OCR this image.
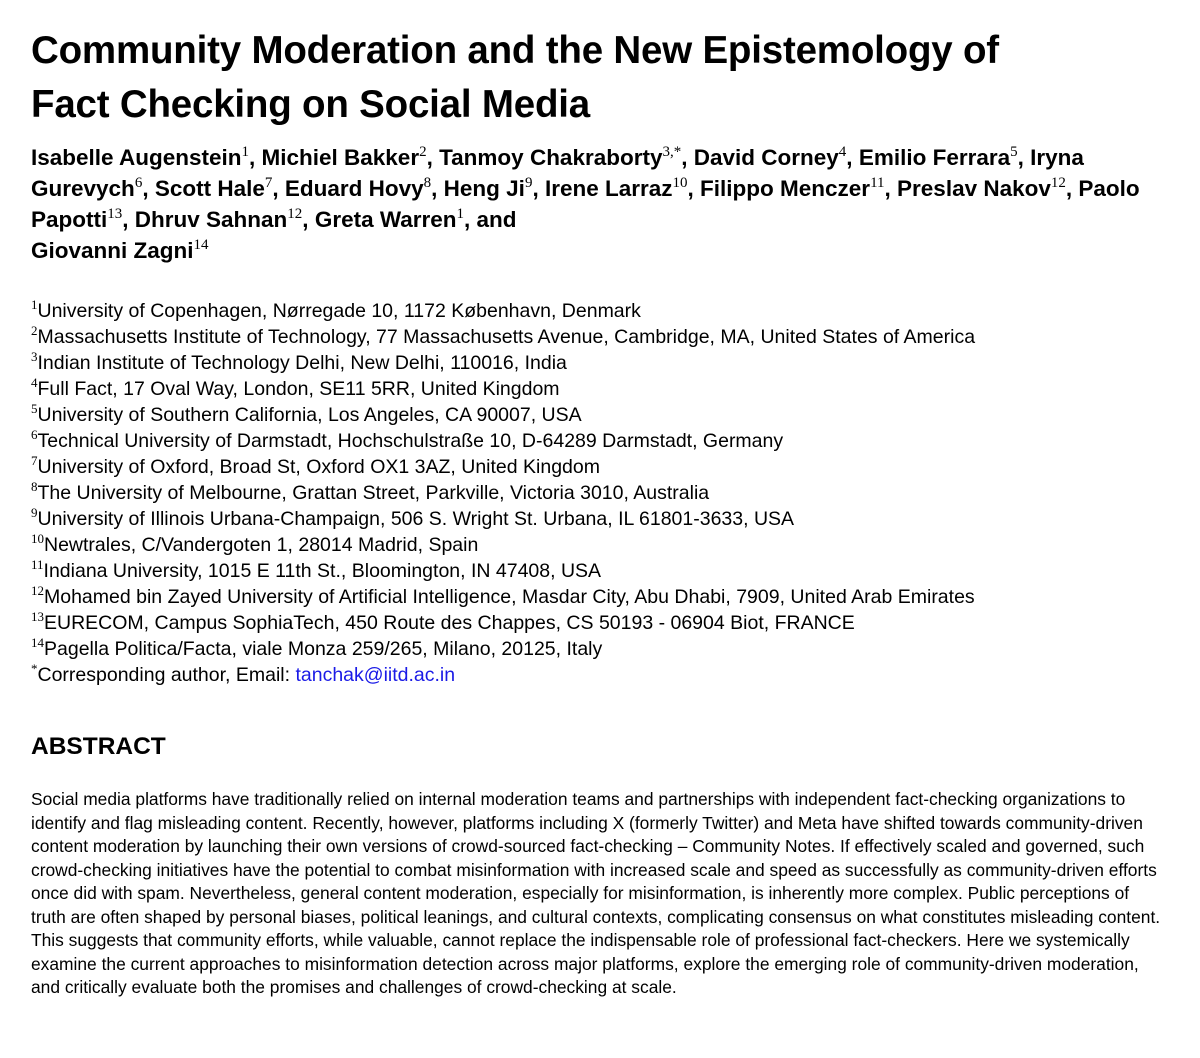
Community Moderation and the New Epistemology of
Fact Checking on Social Media
Isabelle Augenstein$^1$, Michiel Bakker$^2$, Tanmoy Chakraborty$^{3,*}$, David Corney$^4$, Emilio Ferrara$^5$, Iryna Gurevych$^6$, Scott Hale$^7$, Eduard Hovy$^8$, Heng Ji$^9$, Irene Larraz$^{10}$, Filippo Menczer$^{11}$, Preslav Nakov$^{12}$, Paolo Papotti$^{13}$, Dhruv Sahnan$^{12}$, Greta Warren$^1$, and
Giovanni Zagni$^{14}$
$^1$University of Copenhagen, Nørregade 10, 1172 København, Denmark
$^2$Massachusetts Institute of Technology, 77 Massachusetts Avenue, Cambridge, MA, United States of America
$^3$Indian Institute of Technology Delhi, New Delhi, 110016, India
$^4$Full Fact, 17 Oval Way, London, SE11 5RR, United Kingdom
$^5$University of Southern California, Los Angeles, CA 90007, USA
$^6$Technical University of Darmstadt, Hochschulstraße 10, D-64289 Darmstadt, Germany
$^7$University of Oxford, Broad St, Oxford OX1 3AZ, United Kingdom
$^8$The University of Melbourne, Grattan Street, Parkville, Victoria 3010, Australia
$^9$University of Illinois Urbana-Champaign, 506 S. Wright St. Urbana, IL 61801-3633, USA
$^{10}$Newtrales, C/Vandergoten 1, 28014 Madrid, Spain
$^{11}$Indiana University, 1015 E 11th St., Bloomington, IN 47408, USA
$^{12}$Mohamed bin Zayed University of Artificial Intelligence, Masdar City, Abu Dhabi, 7909, United Arab Emirates
$^{13}$EURECOM, Campus SophiaTech, 450 Route des Chappes, CS 50193 - 06904 Biot, FRANCE
$^{14}$Pagella Politica/Facta, viale Monza 259/265, Milano, 20125, Italy
*Corresponding author, Email: tanchak@iitd.ac.in
ABSTRACT

Social media platforms have traditionally relied on internal moderation teams and partnerships with independent fact-checking organizations to identify and flag misleading content. Recently, however, platforms including X (formerly Twitter) and Meta have shifted towards community-driven content moderation by launching their own versions of crowd-sourced fact-checking – Community Notes. If effectively scaled and governed, such crowd-checking initiatives have the potential to combat misinformation with increased scale and speed as successfully as community-driven efforts once did with spam. Nevertheless, general content moderation, especially for misinformation, is inherently more complex. Public perceptions of truth are often shaped by personal biases, political leanings, and cultural contexts, complicating consensus on what constitutes misleading content. This suggests that community efforts, while valuable, cannot replace the indispensable role of professional fact-checkers. Here we systemically examine the current approaches to misinformation detection across major platforms, explore the emerging role of community-driven moderation, and critically evaluate both the promises and challenges of crowd-checking at scale.
